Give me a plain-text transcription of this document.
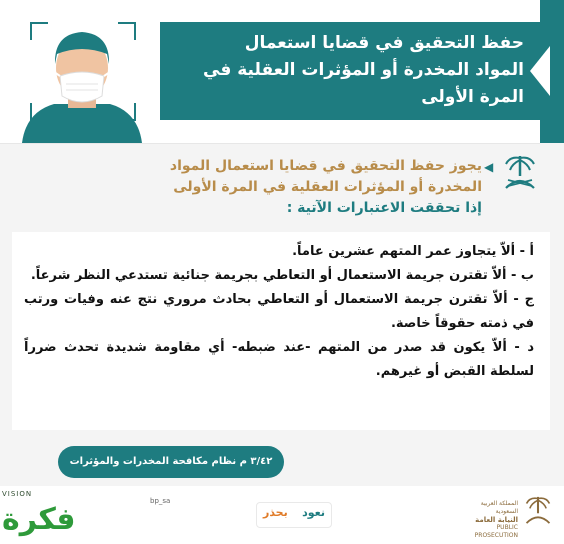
حفظ التحقيق في قضايا استعمال المواد المخدرة أو المؤثرات العقلية في المرة الأولى

◀

يجوز حفظ التحقيق في قضايا استعمال المواد
المخدرة أو المؤثرات العقلية في المرة الأولى
إذا تحققت الاعتبارات الآتية :

أ - ألاّ يتجاوز عمر المتهم عشرين عاماً.
ب - ألاّ تقترن جريمة الاستعمال أو التعاطي بجريمة جنائية تستدعي النظر شرعاً.
ج - ألاّ تقترن جريمة الاستعمال أو التعاطي بحادث مروري نتج عنه وفيات ورتب في ذمته حقوقاً خاصة.
د - ألاّ يكون قد صدر من المتهم -عند ضبطه- أي مقاومة شديدة تحدث ضرراً لسلطة القبض أو غيرهم.
٣/٤٢ م نظام مكافحة المخدرات والمؤثرات
VISION
فكرة
bp_sa
نعود
بحذر
المملكة العربية السعودية
النيابة العامة
PUBLIC PROSECUTION
